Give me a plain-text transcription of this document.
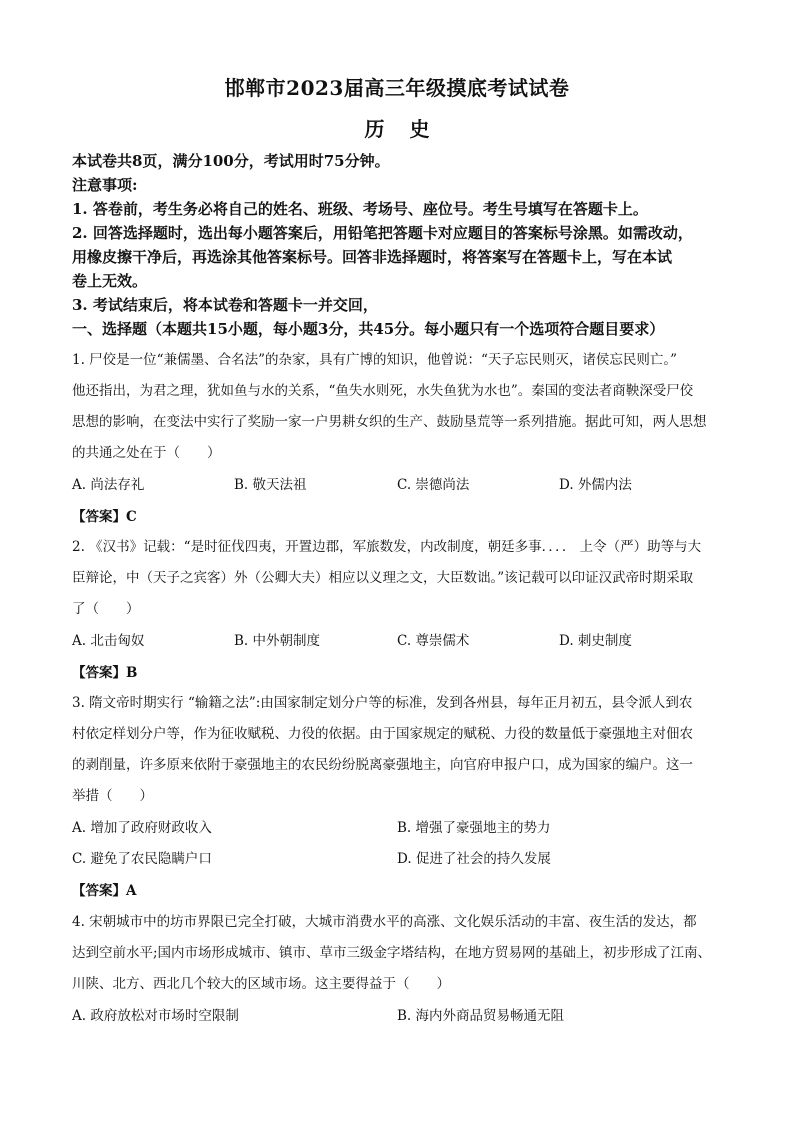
邯郸市2023届高三年级摸底考试试卷
历 史
本试卷共8页，满分100分，考试用时75分钟。
注意事项:
1. 答卷前，考生务必将自己的姓名、班级、考场号、座位号。考生号填写在答题卡上。
2. 回答选择题时，选出每小题答案后，用铅笔把答题卡对应题目的答案标号涂黑。如需改动，
用橡皮擦干净后，再选涂其他答案标号。回答非选择题时，将答案写在答题卡上，写在本试
卷上无效。
3. 考试结束后，将本试卷和答题卡一并交回，
一、选择题（本题共15小题，每小题3分，共45分。每小题只有一个选项符合题目要求）
1. 尸佼是一位“兼儒墨、合名法”的杂家，具有广博的知识，他曾说：“天子忘民则灭，诸侯忘民则亡。”
他还指出，为君之理，犹如鱼与水的关系，“鱼失水则死，水失鱼犹为水也”。秦国的变法者商鞅深受尸佼
思想的影响，在变法中实行了奖励一家一户男耕女织的生产、鼓励垦荒等一系列措施。据此可知，两人思想
的共通之处在于（　　）
A. 尚法存礼	B. 敬天法祖	C. 崇德尚法	D. 外儒内法
【答案】C
2. 《汉书》记载：“是时征伐四夷，开置边郡，军旅数发，内改制度，朝廷多事．．．． 上令（严）助等与大
臣辩论，中（天子之宾客）外（公卿大夫）相应以义理之文，大臣数诎。”该记载可以印证汉武帝时期采取
了（　　）
A. 北击匈奴	B. 中外朝制度	C. 尊崇儒术	D. 刺史制度
【答案】B
3. 隋文帝时期实行 “输籍之法”:由国家制定划分户等的标准，发到各州县，每年正月初五，县令派人到农
村依定样划分户等，作为征收赋税、力役的依据。由于国家规定的赋税、力役的数量低于豪强地主对佃农
的剥削量，许多原来依附于豪强地主的农民纷纷脱离豪强地主，向官府申报户口，成为国家的编户。这一
举措（　　）
A. 增加了政府财政收入	B. 增强了豪强地主的势力
C. 避免了农民隐瞒户口	D. 促进了社会的持久发展
【答案】A
4. 宋朝城市中的坊市界限已完全打破，大城市消费水平的高涨、文化娱乐活动的丰富、夜生活的发达，都
达到空前水平;国内市场形成城市、镇市、草市三级金字塔结构，在地方贸易网的基础上，初步形成了江南、
川陕、北方、西北几个较大的区域市场。这主要得益于（　　）
A. 政府放松对市场时空限制	B. 海内外商品贸易畅通无阻
